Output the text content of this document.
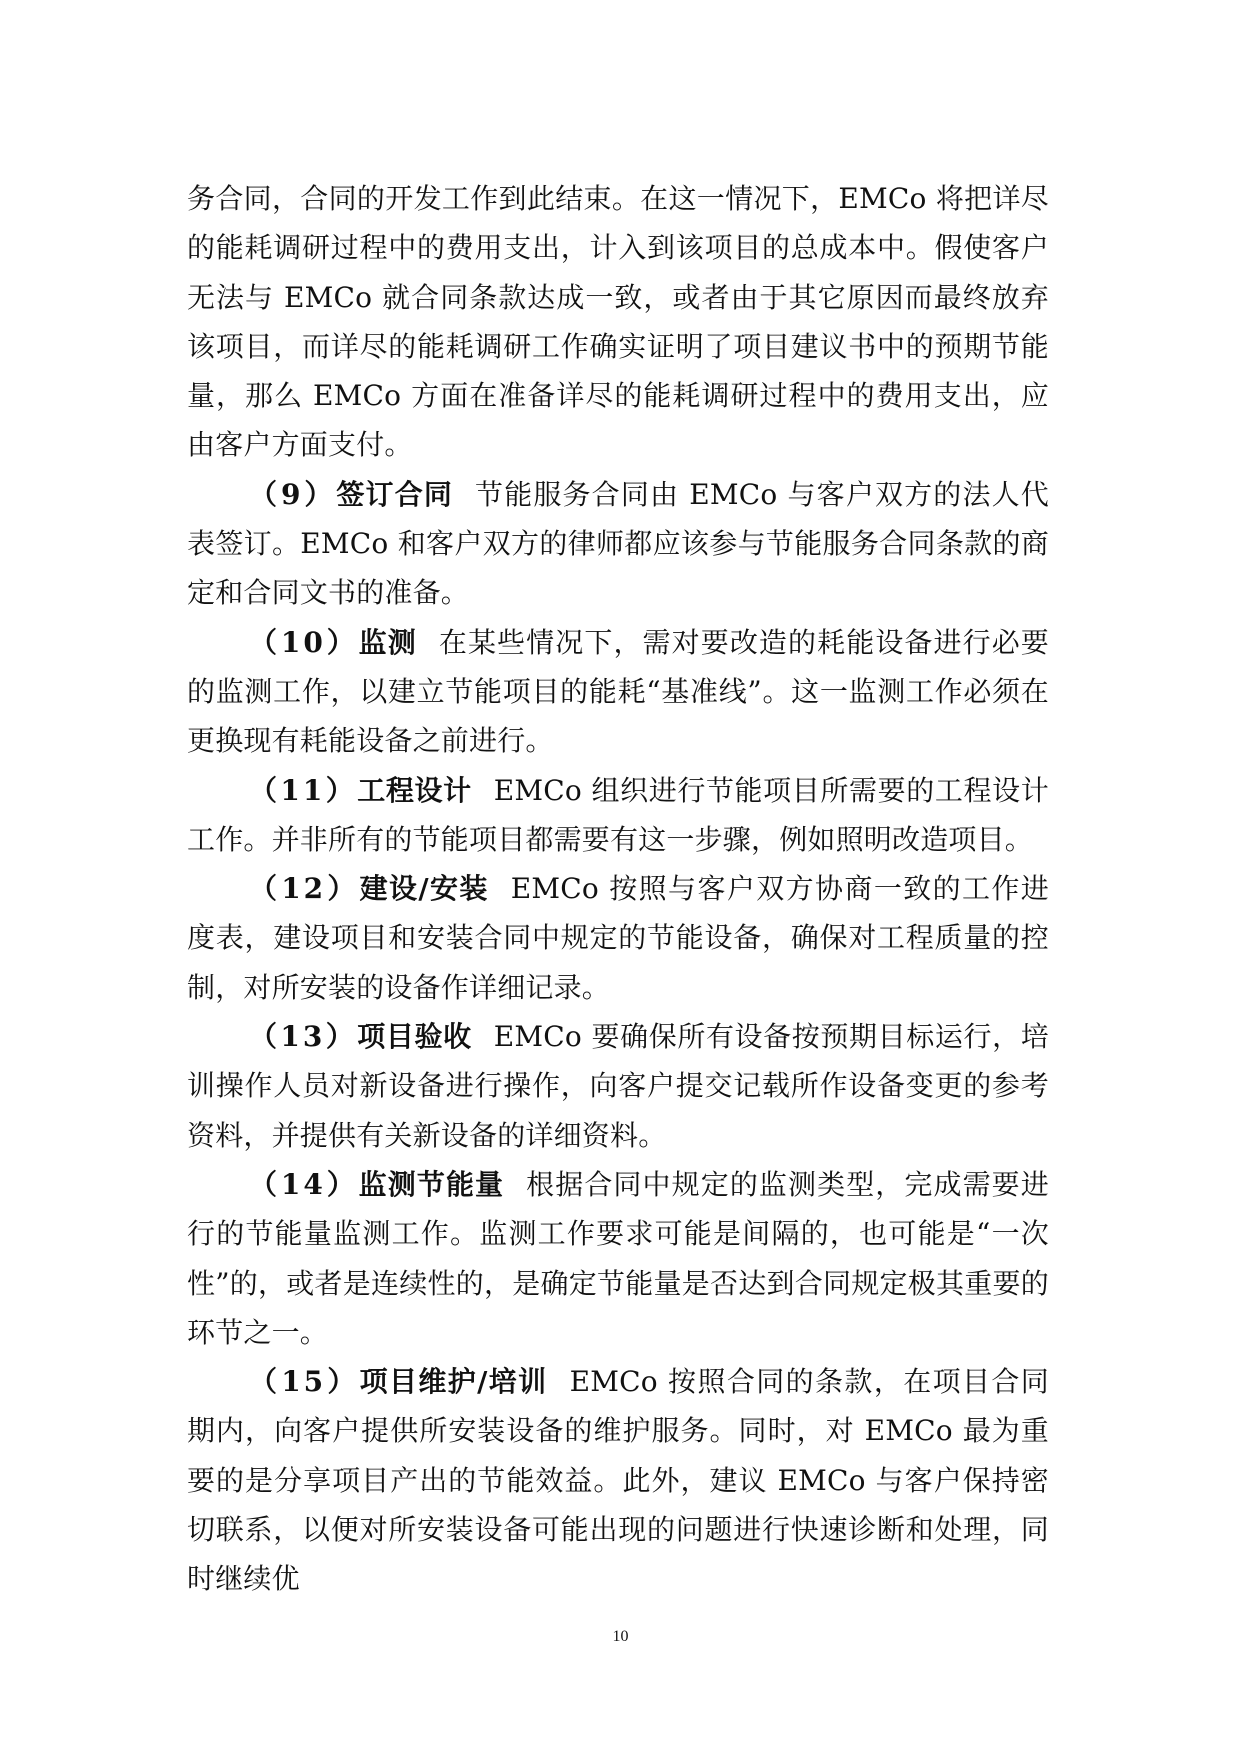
务合同，合同的开发工作到此结束。在这一情况下，EMCo 将把详尽的能耗调研过程中的费用支出，计入到该项目的总成本中。假使客户无法与 EMCo 就合同条款达成一致，或者由于其它原因而最终放弃该项目，而详尽的能耗调研工作确实证明了项目建议书中的预期节能量，那么 EMCo 方面在准备详尽的能耗调研过程中的费用支出，应由客户方面支付。

（9）签订合同 节能服务合同由 EMCo 与客户双方的法人代表签订。EMCo 和客户双方的律师都应该参与节能服务合同条款的商定和合同文书的准备。

（10）监测 在某些情况下，需对要改造的耗能设备进行必要的监测工作，以建立节能项目的能耗“基准线”。这一监测工作必须在更换现有耗能设备之前进行。

（11）工程设计 EMCo 组织进行节能项目所需要的工程设计工作。并非所有的节能项目都需要有这一步骤，例如照明改造项目。

（12）建设/安装 EMCo 按照与客户双方协商一致的工作进度表，建设项目和安装合同中规定的节能设备，确保对工程质量的控制，对所安装的设备作详细记录。

（13）项目验收 EMCo 要确保所有设备按预期目标运行，培训操作人员对新设备进行操作，向客户提交记载所作设备变更的参考资料，并提供有关新设备的详细资料。

（14）监测节能量 根据合同中规定的监测类型，完成需要进行的节能量监测工作。监测工作要求可能是间隔的，也可能是“一次性”的，或者是连续性的，是确定节能量是否达到合同规定极其重要的环节之一。

（15）项目维护/培训 EMCo 按照合同的条款，在项目合同期内，向客户提供所安装设备的维护服务。同时，对 EMCo 最为重要的是分享项目产出的节能效益。此外，建议 EMCo 与客户保持密切联系，以便对所安装设备可能出现的问题进行快速诊断和处理，同时继续优

10
